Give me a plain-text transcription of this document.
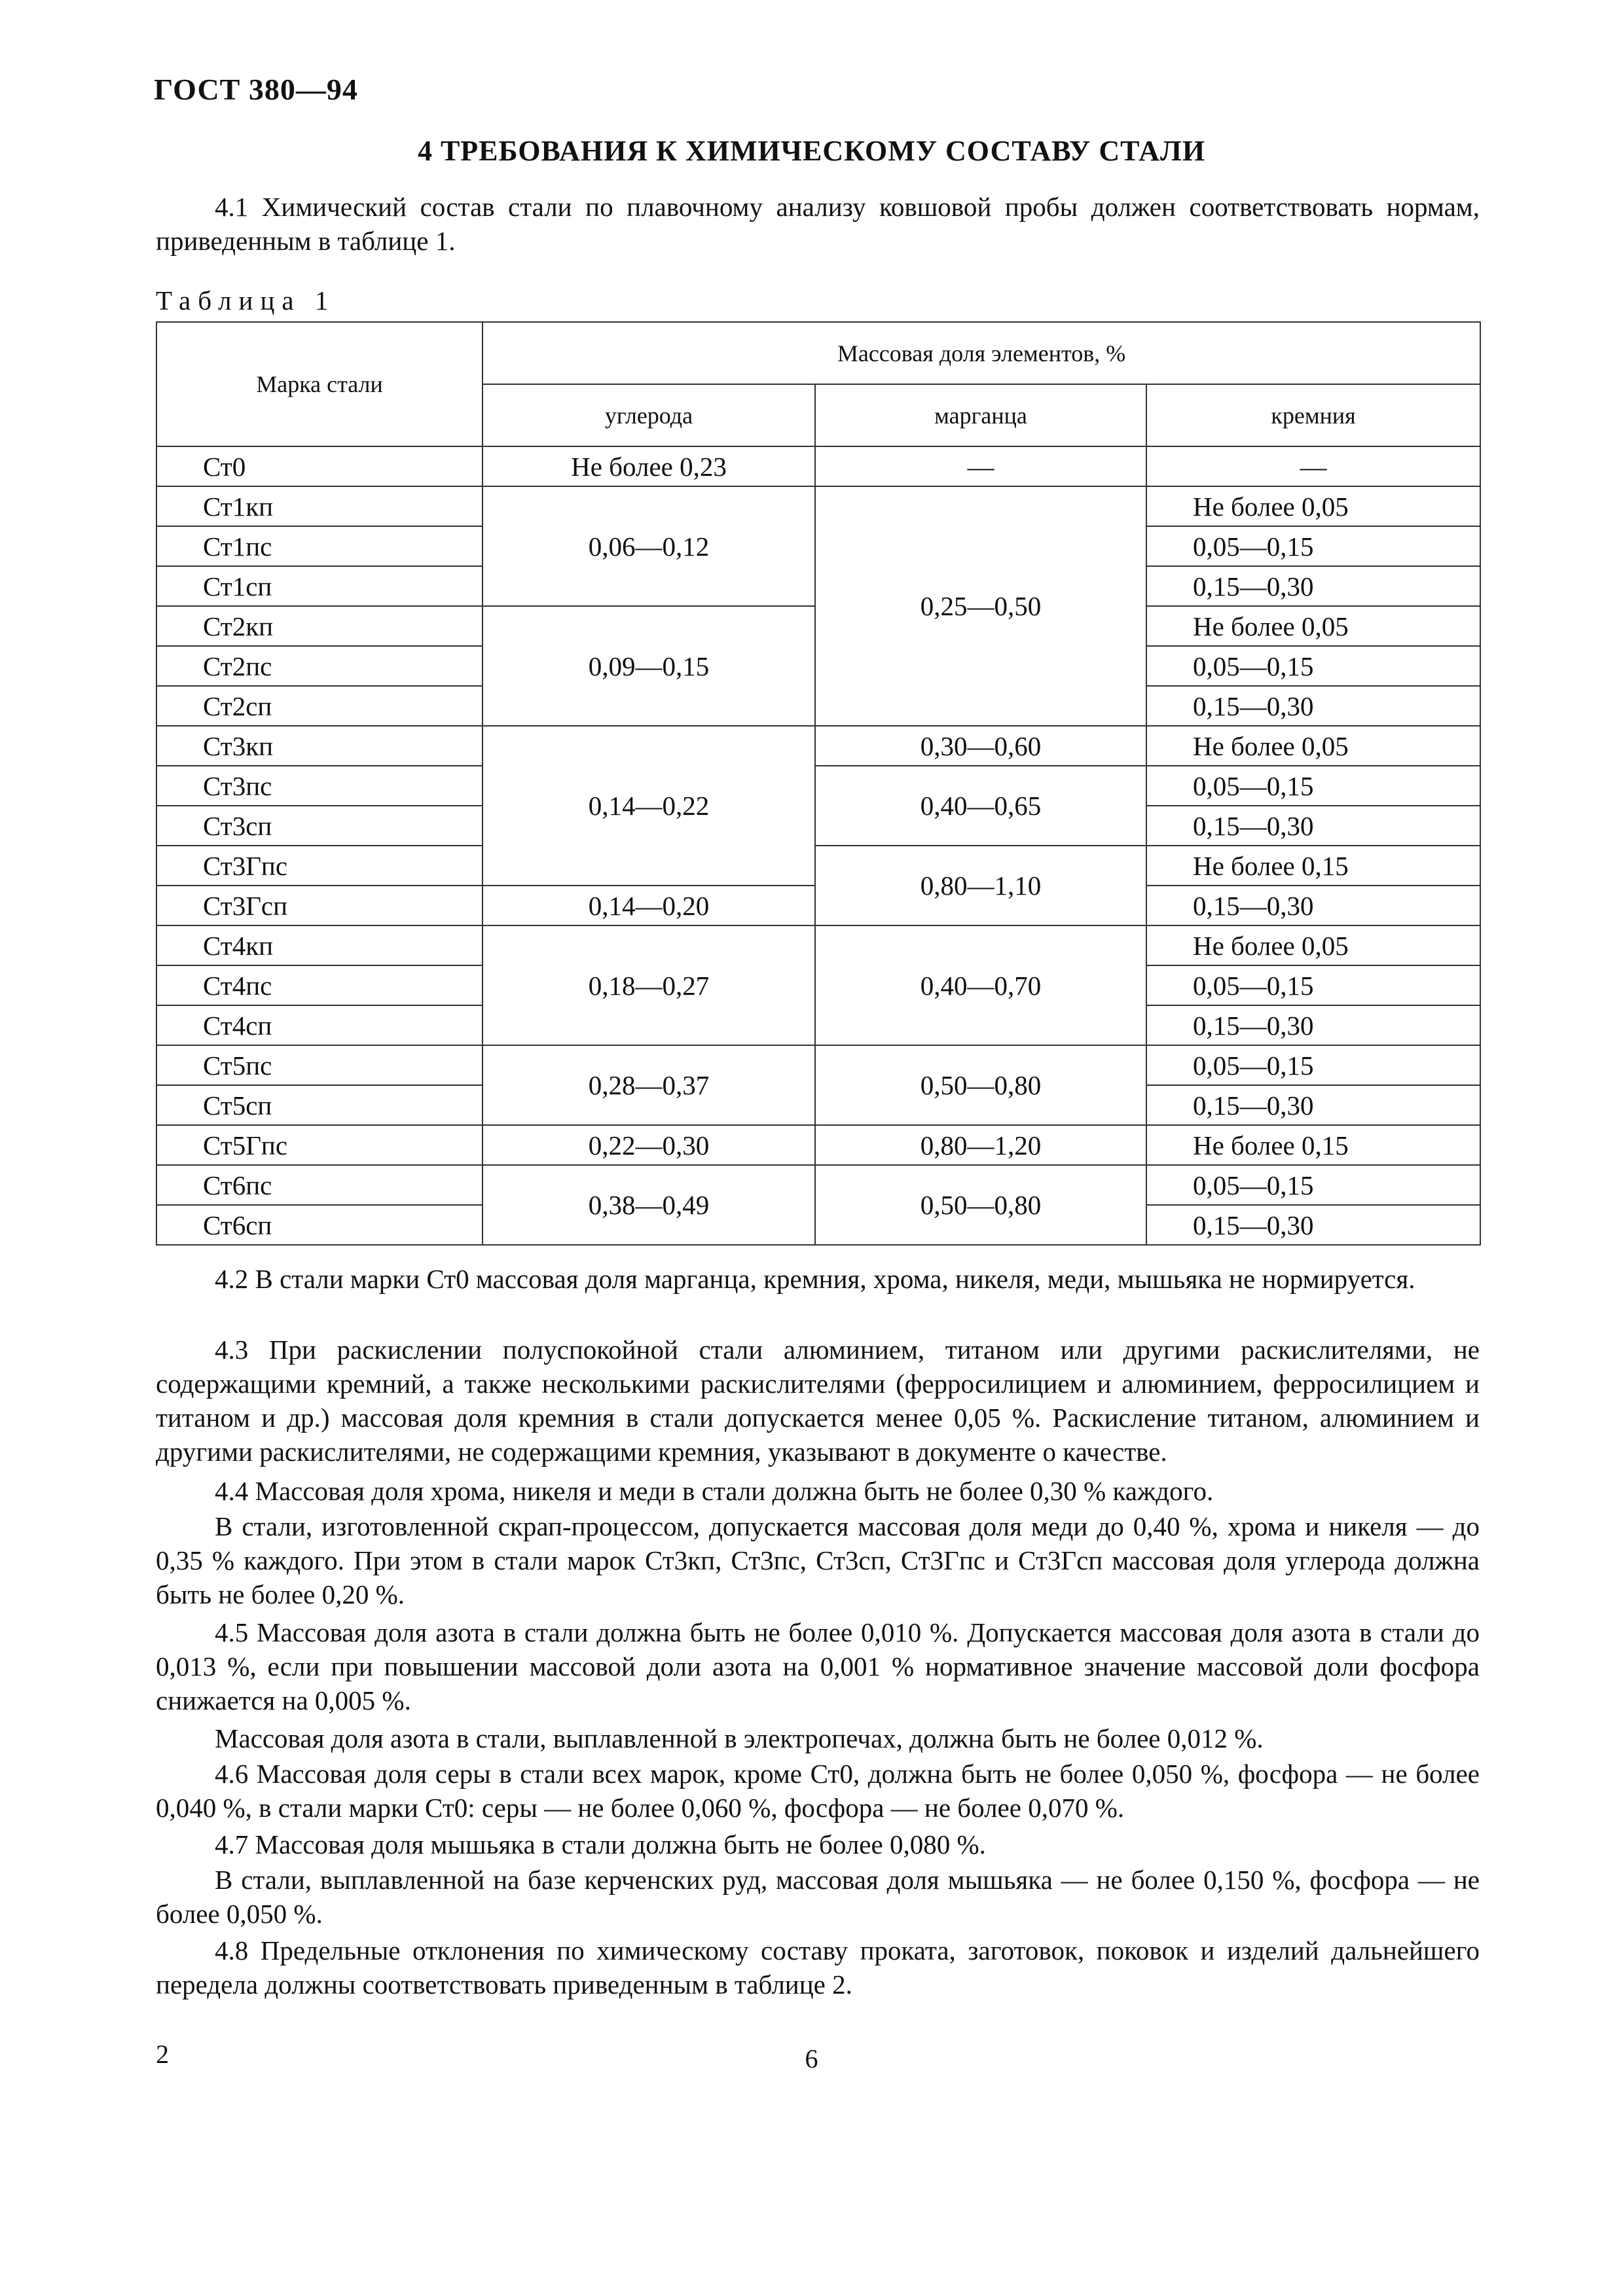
ГОСТ 380—94
4 ТРЕБОВАНИЯ К ХИМИЧЕСКОМУ СОСТАВУ СТАЛИ
4.1 Химический состав стали по плавочному анализу ковшовой пробы должен соответствовать нормам, приведенным в таблице 1.
Таблица 1
Марка стали	Массовая доля элементов, %		
	углерода	марганца	кремния
Ст0	Не более 0,23	—	—
Ст1кп	0,06—0,12	0,25—0,50	Не более 0,05
Ст1пс			0,05—0,15
Ст1сп			0,15—0,30
Ст2кп	0,09—0,15		Не более 0,05
Ст2пс			0,05—0,15
Ст2сп			0,15—0,30
Ст3кп	0,14—0,22	0,30—0,60	Не более 0,05
Ст3пс		0,40—0,65	0,05—0,15
Ст3сп			0,15—0,30
Ст3Гпс		0,80—1,10	Не более 0,15
Ст3Гсп	0,14—0,20		0,15—0,30
Ст4кп	0,18—0,27	0,40—0,70	Не более 0,05
Ст4пс			0,05—0,15
Ст4сп			0,15—0,30
Ст5пс	0,28—0,37	0,50—0,80	0,05—0,15
Ст5сп			0,15—0,30
Ст5Гпс	0,22—0,30	0,80—1,20	Не более 0,15
Ст6пс	0,38—0,49	0,50—0,80	0,05—0,15
Ст6сп			0,15—0,30
4.2 В стали марки Ст0 массовая доля марганца, кремния, хрома, никеля, меди, мышьяка не нормируется.
4.3 При раскислении полуспокойной стали алюминием, титаном или другими раскислителями, не содержащими кремний, а также несколькими раскислителями (ферросилицием и алюминием, ферросилицием и титаном и др.) массовая доля кремния в стали допускается менее 0,05 %. Раскисление титаном, алюминием и другими раскислителями, не содержащими кремния, указывают в документе о качестве.
4.4 Массовая доля хрома, никеля и меди в стали должна быть не более 0,30 % каждого.
В стали, изготовленной скрап-процессом, допускается массовая доля меди до 0,40 %, хрома и никеля — до 0,35 % каждого. При этом в стали марок Ст3кп, Ст3пс, Ст3сп, Ст3Гпс и Ст3Гсп массовая доля углерода должна быть не более 0,20 %.
4.5 Массовая доля азота в стали должна быть не более 0,010 %. Допускается массовая доля азота в стали до 0,013 %, если при повышении массовой доли азота на 0,001 % нормативное значение массовой доли фосфора снижается на 0,005 %.
Массовая доля азота в стали, выплавленной в электропечах, должна быть не более 0,012 %.
4.6 Массовая доля серы в стали всех марок, кроме Ст0, должна быть не более 0,050 %, фосфора — не более 0,040 %, в стали марки Ст0: серы — не более 0,060 %, фосфора — не более 0,070 %.
4.7 Массовая доля мышьяка в стали должна быть не более 0,080 %.
В стали, выплавленной на базе керченских руд, массовая доля мышьяка — не более 0,150 %, фосфора — не более 0,050 %.
4.8 Предельные отклонения по химическому составу проката, заготовок, поковок и изделий дальнейшего передела должны соответствовать приведенным в таблице 2.
2	6
